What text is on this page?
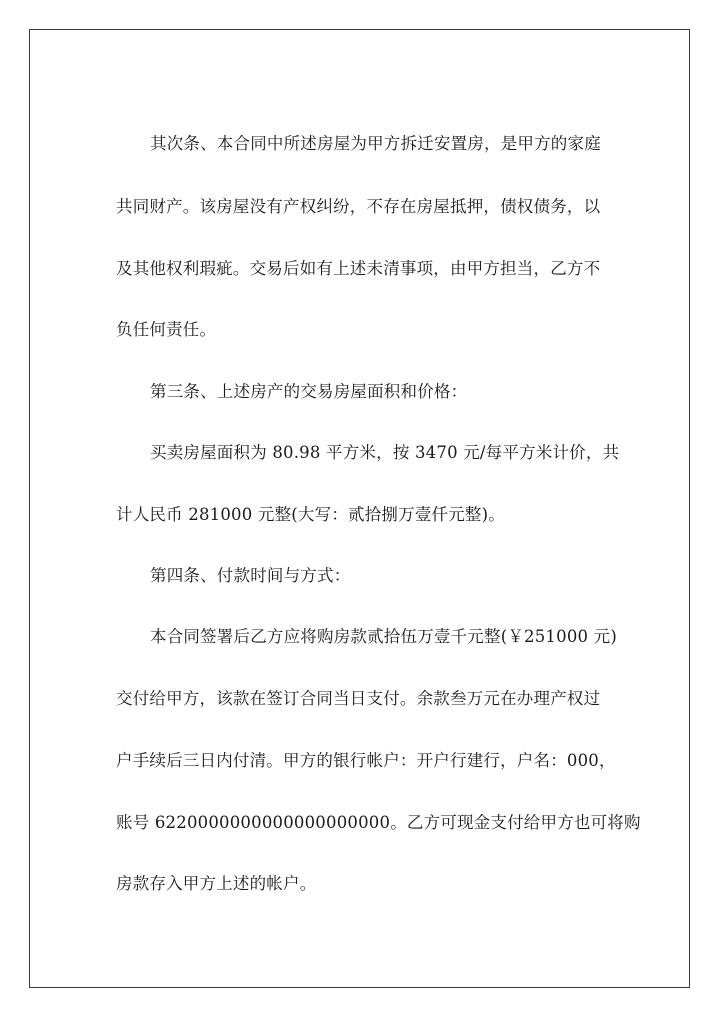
其次条、本合同中所述房屋为甲方拆迁安置房，是甲方的家庭
共同财产。该房屋没有产权纠纷，不存在房屋抵押，债权债务，以
及其他权利瑕疵。交易后如有上述未清事项，由甲方担当，乙方不
负任何责任。
第三条、上述房产的交易房屋面积和价格：
买卖房屋面积为 80.98 平方米，按 3470 元/每平方米计价，共
计人民币 281000 元整(大写：贰拾捌万壹仟元整)。
第四条、付款时间与方式：
本合同签署后乙方应将购房款贰拾伍万壹千元整(￥251000 元)
交付给甲方，该款在签订合同当日支付。余款叁万元在办理产权过
户手续后三日内付清。甲方的银行帐户：开户行建行，户名：000，
账号 6220000000000000000000。乙方可现金支付给甲方也可将购
房款存入甲方上述的帐户。
